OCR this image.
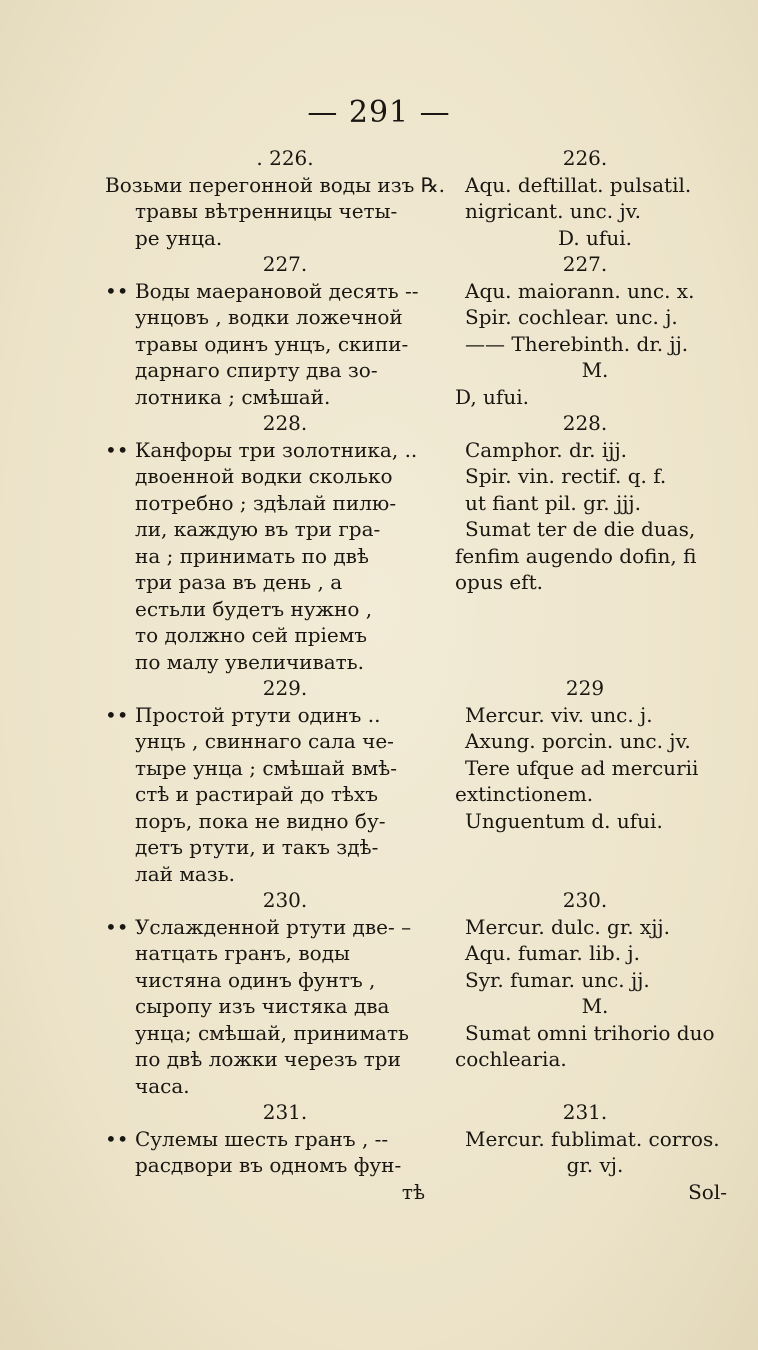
— 291 —
. 226.
Возьми перегонной воды изъ ℞.
травы вѣтренницы четы-
ре унца.
227.
•• Воды маерановой десять --
унцовъ , водки ложечной
травы одинъ унцъ, скипи-
дарнаго спирту два зо-
лотника ; смѣшай.
228.
•• Канфоры три золотника, ..
двоенной водки сколько
потребно ; здѣлай пилю-
ли, каждую въ три гра-
на ; принимать по двѣ
три раза въ день , а
естьли будетъ нужно ,
то должно сей пріемъ
по малу увеличивать.
229.
•• Простой ртути одинъ ..
унцъ , свиннаго сала че-
тыре унца ; смѣшай вмѣ-
стѣ и растирай до тѣхъ
поръ, пока не видно бу-
детъ ртути, и такъ здѣ-
лай мазь.
230.
•• Услажденной ртути две- –
натцать гранъ, воды
чистяна одинъ фунтъ ,
сыропу изъ чистяка два
унца; смѣшай, принимать
по двѣ ложки черезъ три
часа.
231.
•• Сулемы шесть гранъ , --
расдвори въ одномъ фун-
тѣ
226.
Aqu. deftillat. pulsatil.
nigricant. unc. jv.
D. ufui.
227.
Aqu. maiorann. unc. x.
Spir. cochlear. unc. j.
—— Therebinth. dr. jj.
M.
D, ufui.
228.
Camphor. dr. ijj.
Spir. vin. rectif. q. f.
ut fiant pil. gr. jjj.
Sumat ter de die duas,
fenfim augendo dofin, fi
opus eft.
229
Mercur. viv. unc. j.
Axung. porcin. unc. jv.
Tere ufque ad mercurii
extinctionem.
Unguentum d. ufui.
230.
Mercur. dulc. gr. xjj.
Aqu. fumar. lib. j.
Syr. fumar. unc. jj.
M.
Sumat omni trihorio duo
cochlearia.
231.
Mercur. fublimat. corros.
gr. vj.
Sol-
